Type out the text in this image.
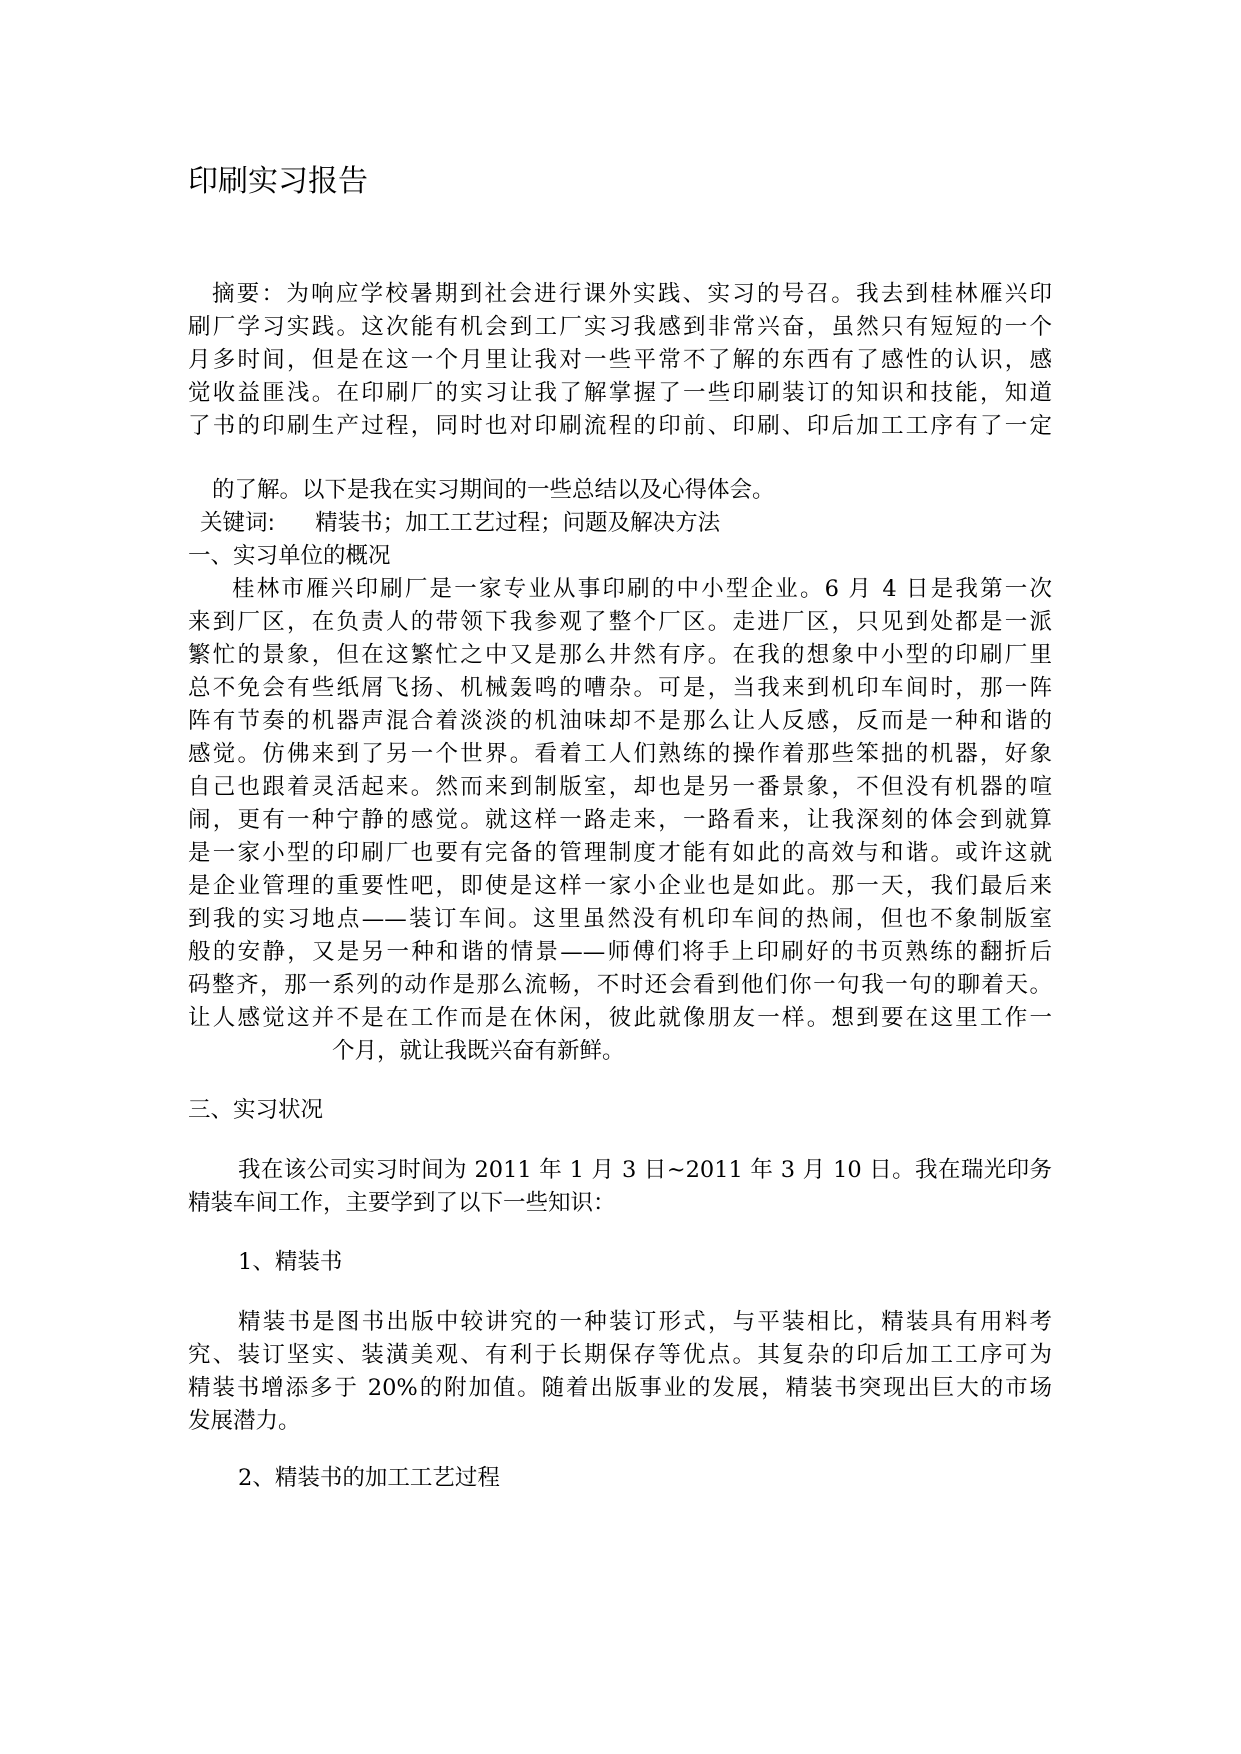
印刷实习报告
摘要：为响应学校暑期到社会进行课外实践、实习的号召。我去到桂林雁兴印
刷厂学习实践。这次能有机会到工厂实习我感到非常兴奋，虽然只有短短的一个
月多时间，但是在这一个月里让我对一些平常不了解的东西有了感性的认识，感
觉收益匪浅。在印刷厂的实习让我了解掌握了一些印刷装订的知识和技能，知道
了书的印刷生产过程，同时也对印刷流程的印前、印刷、印后加工工序有了一定
的了解。以下是我在实习期间的一些总结以及心得体会。
关键词: 精装书；加工工艺过程；问题及解决方法
一、实习单位的概况
桂林市雁兴印刷厂是一家专业从事印刷的中小型企业。6 月 4 日是我第一次
来到厂区，在负责人的带领下我参观了整个厂区。走进厂区，只见到处都是一派
繁忙的景象，但在这繁忙之中又是那么井然有序。在我的想象中小型的印刷厂里
总不免会有些纸屑飞扬、机械轰鸣的嘈杂。可是，当我来到机印车间时，那一阵
阵有节奏的机器声混合着淡淡的机油味却不是那么让人反感，反而是一种和谐的
感觉。仿佛来到了另一个世界。看着工人们熟练的操作着那些笨拙的机器，好象
自己也跟着灵活起来。然而来到制版室，却也是另一番景象，不但没有机器的喧
闹，更有一种宁静的感觉。就这样一路走来，一路看来，让我深刻的体会到就算
是一家小型的印刷厂也要有完备的管理制度才能有如此的高效与和谐。或许这就
是企业管理的重要性吧，即使是这样一家小企业也是如此。那一天，我们最后来
到我的实习地点——装订车间。这里虽然没有机印车间的热闹，但也不象制版室
般的安静，又是另一种和谐的情景——师傅们将手上印刷好的书页熟练的翻折后
码整齐，那一系列的动作是那么流畅，不时还会看到他们你一句我一句的聊着天。
让人感觉这并不是在工作而是在休闲，彼此就像朋友一样。想到要在这里工作一
个月，就让我既兴奋有新鲜。
三、实习状况
我在该公司实习时间为 2011 年 1 月 3 日~2011 年 3 月 10 日。我在瑞光印务
精装车间工作，主要学到了以下一些知识：
1、精装书
精装书是图书出版中较讲究的一种装订形式，与平装相比，精装具有用料考
究、装订坚实、装潢美观、有利于长期保存等优点。其复杂的印后加工工序可为
精装书增添多于 20%的附加值。随着出版事业的发展，精装书突现出巨大的市场
发展潜力。
2、精装书的加工工艺过程
